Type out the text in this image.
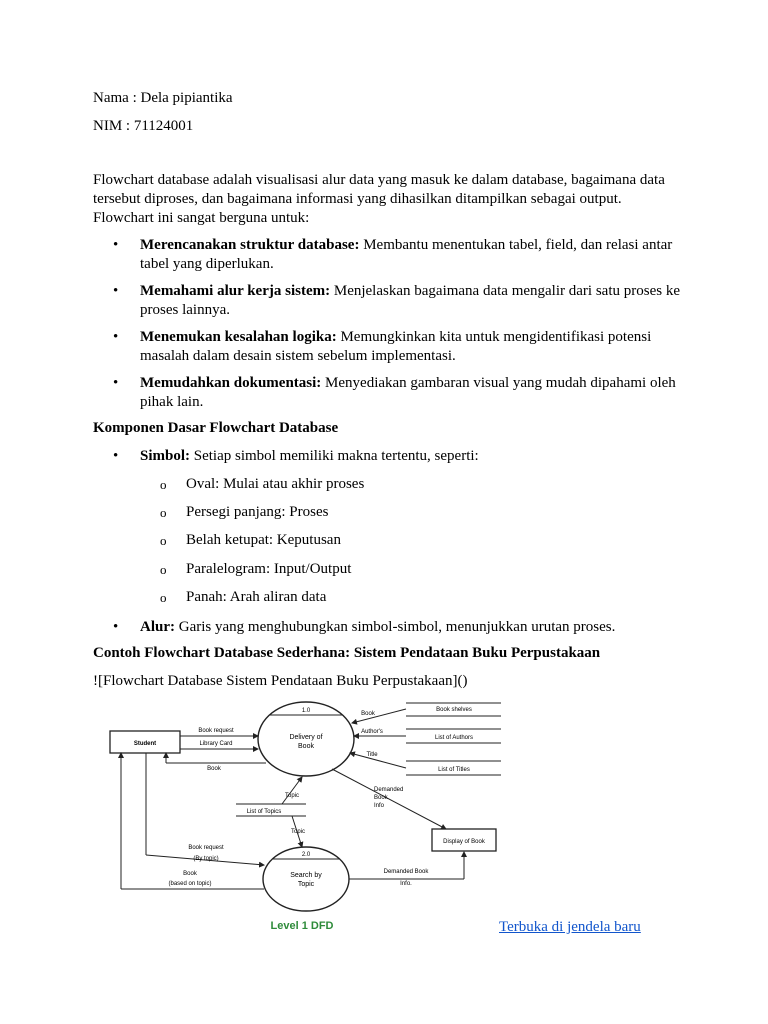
Nama : Dela pipiantika
NIM : 71124001
Flowchart database adalah visualisasi alur data yang masuk ke dalam database, bagaimana data tersebut diproses, dan bagaimana informasi yang dihasilkan ditampilkan sebagai output. Flowchart ini sangat berguna untuk:
• Merencanakan struktur database: Membantu menentukan tabel, field, dan relasi antar tabel yang diperlukan.
• Memahami alur kerja sistem: Menjelaskan bagaimana data mengalir dari satu proses ke proses lainnya.
• Menemukan kesalahan logika: Memungkinkan kita untuk mengidentifikasi potensi masalah dalam desain sistem sebelum implementasi.
• Memudahkan dokumentasi: Menyediakan gambaran visual yang mudah dipahami oleh pihak lain.
Komponen Dasar Flowchart Database
• Simbol: Setiap simbol memiliki makna tertentu, seperti:
o Oval: Mulai atau akhir proses
o Persegi panjang: Proses
o Belah ketupat: Keputusan
o Paralelogram: Input/Output
o Panah: Arah aliran data
• Alur: Garis yang menghubungkan simbol-simbol, menunjukkan urutan proses.
Contoh Flowchart Database Sederhana: Sistem Pendataan Buku Perpustakaan
![Flowchart Database Sistem Pendataan Buku Perpustakaan]()
Student
1.0
Delivery of
Book
2.0
Search by
Topic
Book shelves
List of Authors
List of Titles
Display of Book
Book request
Library Card
Book
Book
Author's
Title
Demanded
Book
Info
List of Topics
Topic
Topic
Book request
(By topic)
Book
(based on topic)
Demanded Book
Info.
Level 1 DFD	Terbuka di jendela baru
